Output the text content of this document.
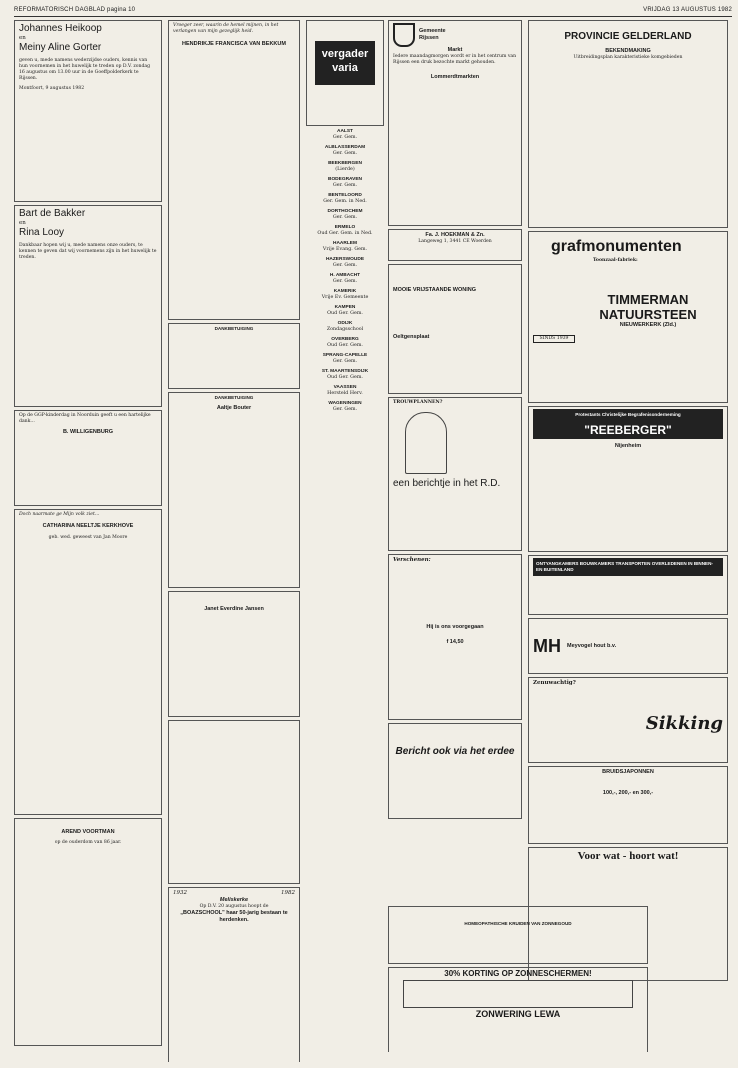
REFORMATORISCH DAGBLAD pagina 10	VRIJDAG 13 AUGUSTUS 1982
Johannes Heikoop
en
Meiny Aline Gorter
geven u, mede namens wederzijdse ouders, kennis van hun voornemen in het huwelijk te treden op D.V. zondag 16 augustus om 13.00 uur in de Goeffpolderkerk te Rijssen.
Montfoort, 9 augustus 1982
Bart de Bakker
en
Rina Looy
Dankbaar hopen wij u, mede namens onze ouders, te kennen te geven dat wij voornemens zijn in het huwelijk te treden.
Op de GGP-kinderdag in Noorduin geeft u een hartelijke dank...
B. WILLIGENBURG
Doch naarmate ge Mijn volk ziet...
CATHARINA NEELTJE KERKHOVE
geb. wed. geweest van Jan Moore
AREND VOORTMAN
op de ouderdom van 86 jaar.
Vroeger zeer, waarin de hemel mijnen, in het verlangen van mijn gezeglijk heid.
HENDRIKJE FRANCISCA VAN BEKKUM
DANKBETUIGING
DANKBETUIGING
Aaltje Bouter
Janet Everdine Jansen
1932	1982
Meliskerke
Op D.V. 20 augustus hoopt de
„BOAZSCHOOL" haar 50-jarig bestaan te herdenken.
vergader varia
AALST
Ger. Gem.
ALBLASSERDAM
Ger. Gem.
BEEKBERGEN
(Lierde)
BODEGRAVEN
Ger. Gem.
BENTELOORD
Ger. Gem. in Ned.
DORTHOCHEM
Ger. Gem.
ERMELO
Oud Ger. Gem. in Ned.
HAARLEM
Vrije Evang. Gem.
HAZERSWOUDE
Ger. Gem.
H. AMBACHT
Ger. Gem.
KAMERIK
Vrije Ev. Gemeente
KAMPEN
Oud Ger. Gem.
ODIJK
Zondagsschool
OVERBERG
Oud Ger. Gem.
SPRANG-CAPELLE
Ger. Gem.
ST. MAARTENSDIJK
Oud Ger. Gem.
VAASSEN
Hersteld Herv.
WAGENINGEN
Ger. Gem.
Gemeente
Rijssen
Markt
Iedere maandagmorgen wordt er in het centrum van Rijssen een druk bezochte markt gehouden.
Lommerdtmarkten
Fa. J. HOEKMAN & Zn.
Langeweg 1, 3441 CE Woerden
MOOIE VRIJSTAANDE WONING
Oeltgensplaat
TROUWPLANNEN?
een berichtje in het R.D.
Verschenen:
Hij is ons voorgegaan
f 14,50
Bericht ook via het erdee
PROVINCIE GELDERLAND
BEKENDMAKING
Uitbreidingsplan karakteristieke komgebieden
grafmonumenten
Toonzaal-fabriek:
TIMMERMAN
NATUURSTEEN
NIEUWERKERK (Zld.)
SINDS 1939
Protestants Christelijke Begrafenisonderneming
"REEBERGER"
Nijenheim
ONTYANGKAMERS BOUWKAMERS TRANSPORTEN OVERLEDENEN IN BINNEN- EN BUITENLAND
MH Meyvogel hout b.v.
Zenuwachtig?
Sikking
BRUIDSJAPONNEN
100,-, 200,- en 300,-
Voor wat - hoort wat!
HOMEOPATHISCHE KRUIDEN VAN ZONNEGOUD
30% KORTING OP ZONNESCHERMEN!
ZONWERING LEWA
